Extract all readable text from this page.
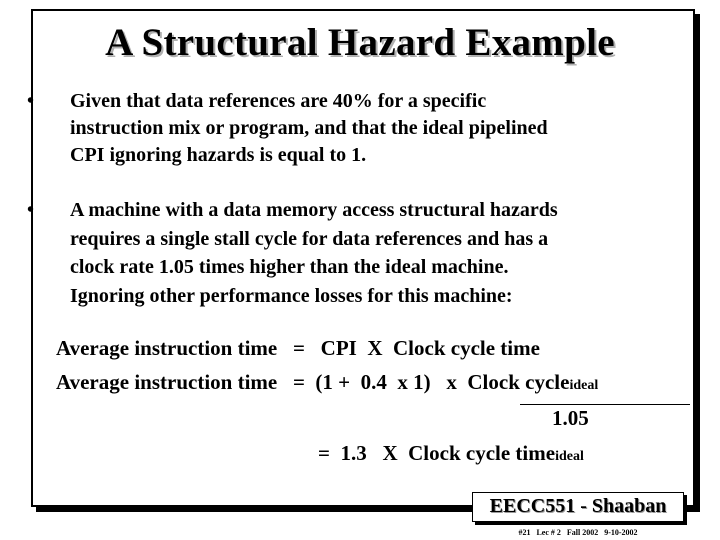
A Structural Hazard Example
• Given that data references are 40% for a specific
instruction mix or program, and that the ideal pipelined
CPI ignoring hazards is equal to 1.
• A machine with a data memory access structural hazards
requires a single stall cycle for data references and has a
clock rate 1.05 times higher than the ideal machine.
Ignoring other performance losses for this machine:
Average instruction time   =   CPI  X  Clock cycle time
Average instruction time   =  (1 +  0.4  x 1)   x  Clock cycleideal
1.05
=  1.3   X  Clock cycle timeideal
EECC551 - Shaaban
#21   Lec # 2   Fall 2002   9-10-2002
